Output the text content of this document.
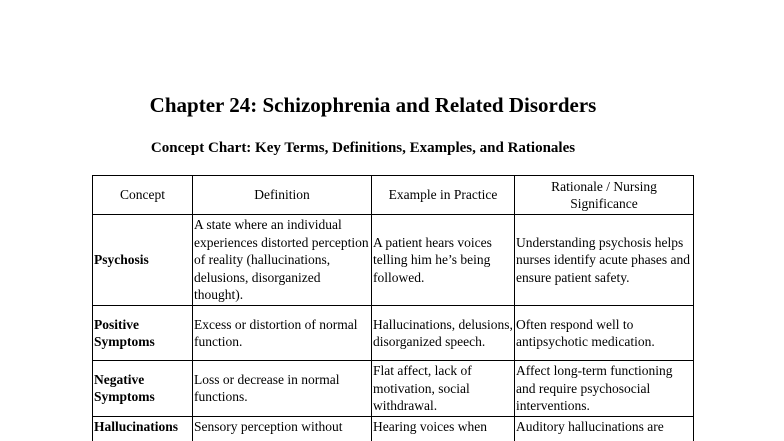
Chapter 24: Schizophrenia and Related Disorders
Concept Chart: Key Terms, Definitions, Examples, and Rationales
Concept	Definition	Example in Practice	Rationale / Nursing Significance
Psychosis	A state where an individual experiences distorted perception of reality (hallucinations, delusions, disorganized thought).	A patient hears voices telling him he’s being followed.	Understanding psychosis helps nurses identify acute phases and ensure patient safety.
Positive Symptoms	Excess or distortion of normal function.	Hallucinations, delusions, disorganized speech.	Often respond well to antipsychotic medication.
Negative Symptoms	Loss or decrease in normal functions.	Flat affect, lack of motivation, social withdrawal.	Affect long-term functioning and require psychosocial interventions.
Hallucinations	Sensory perception without	Hearing voices when	Auditory hallucinations are
